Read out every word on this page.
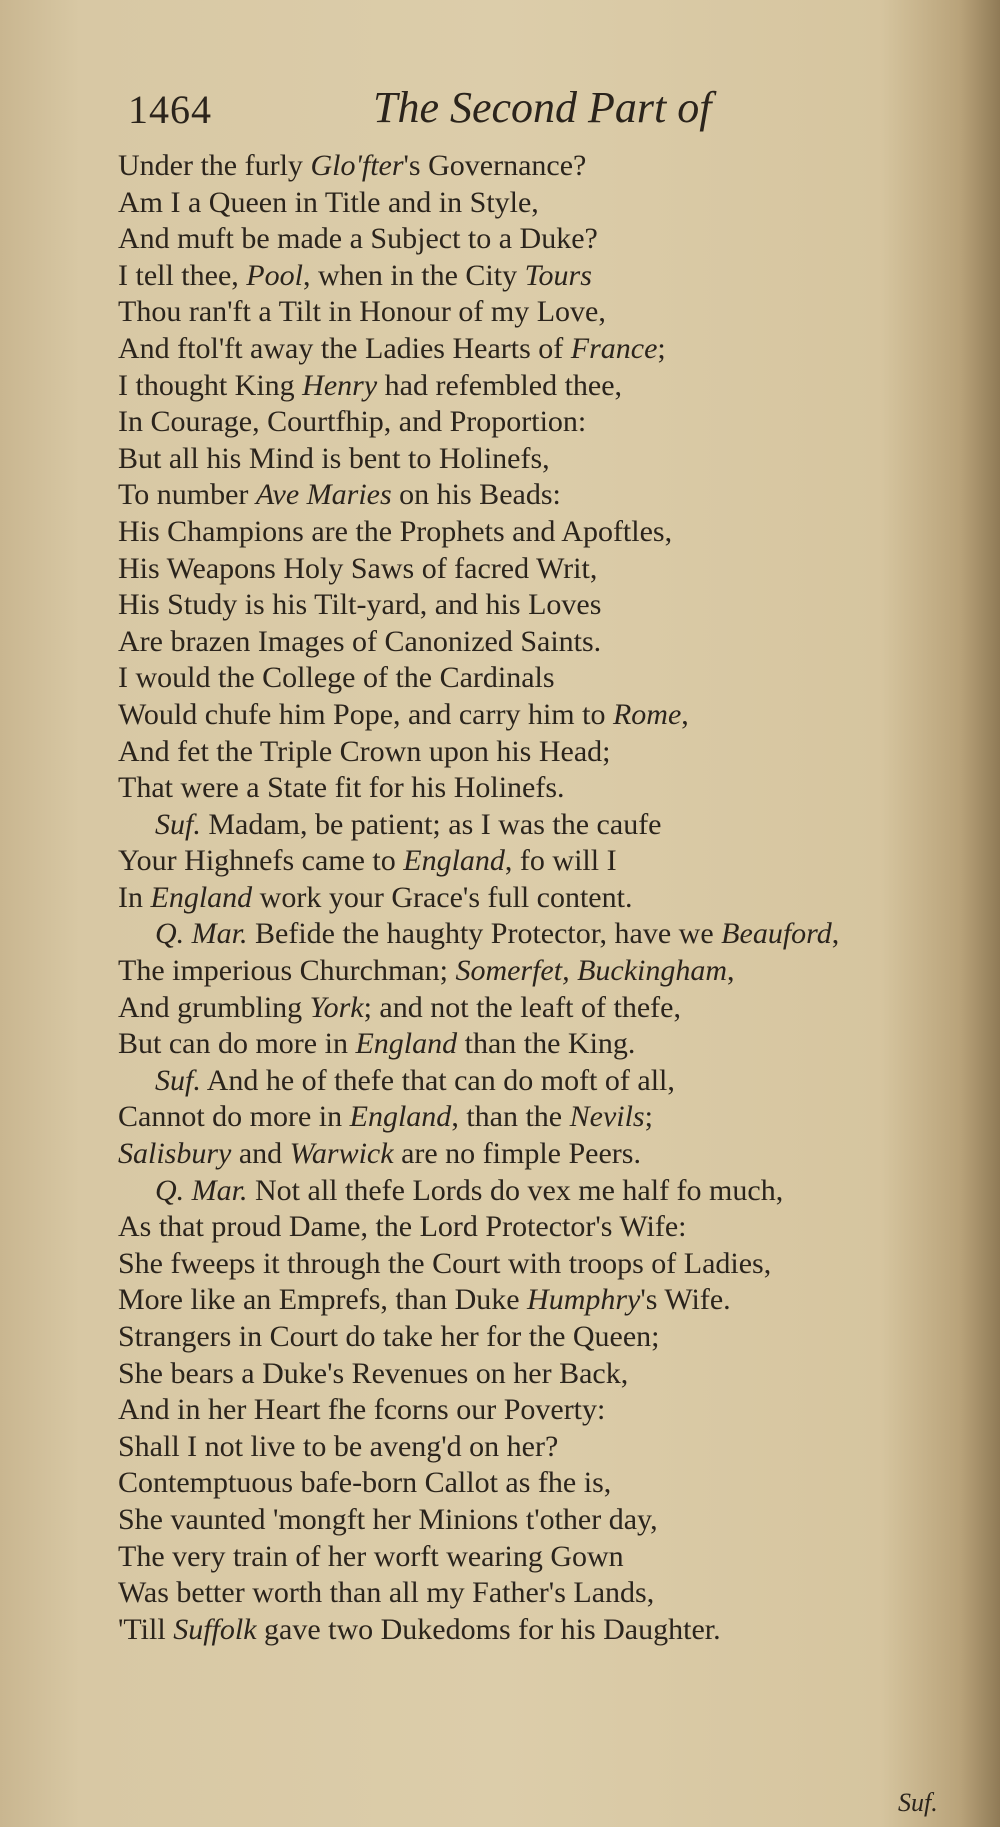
1464	The Second Part of
Under the furly Glo'fter's Governance?
Am I a Queen in Title and in Style,
And muft be made a Subject to a Duke?
I tell thee, Pool, when in the City Tours
Thou ran'ft a Tilt in Honour of my Love,
And ftol'ft away the Ladies Hearts of France;
I thought King Henry had refembled thee,
In Courage, Courtfhip, and Proportion:
But all his Mind is bent to Holinefs,
To number Ave Maries on his Beads:
His Champions are the Prophets and Apoftles,
His Weapons Holy Saws of facred Writ,
His Study is his Tilt-yard, and his Loves
Are brazen Images of Canonized Saints.
I would the College of the Cardinals
Would chufe him Pope, and carry him to Rome,
And fet the Triple Crown upon his Head;
That were a State fit for his Holinefs.
Suf. Madam, be patient; as I was the caufe
Your Highnefs came to England, fo will I
In England work your Grace's full content.
Q. Mar. Befide the haughty Protector, have we Beauford,
The imperious Churchman; Somerfet, Buckingham,
And grumbling York; and not the leaft of thefe,
But can do more in England than the King.
Suf. And he of thefe that can do moft of all,
Cannot do more in England, than the Nevils;
Salisbury and Warwick are no fimple Peers.
Q. Mar. Not all thefe Lords do vex me half fo much,
As that proud Dame, the Lord Protector's Wife:
She fweeps it through the Court with troops of Ladies,
More like an Emprefs, than Duke Humphry's Wife.
Strangers in Court do take her for the Queen;
She bears a Duke's Revenues on her Back,
And in her Heart fhe fcorns our Poverty:
Shall I not live to be aveng'd on her?
Contemptuous bafe-born Callot as fhe is,
She vaunted 'mongft her Minions t'other day,
The very train of her worft wearing Gown
Was better worth than all my Father's Lands,
'Till Suffolk gave two Dukedoms for his Daughter.
Suf.
